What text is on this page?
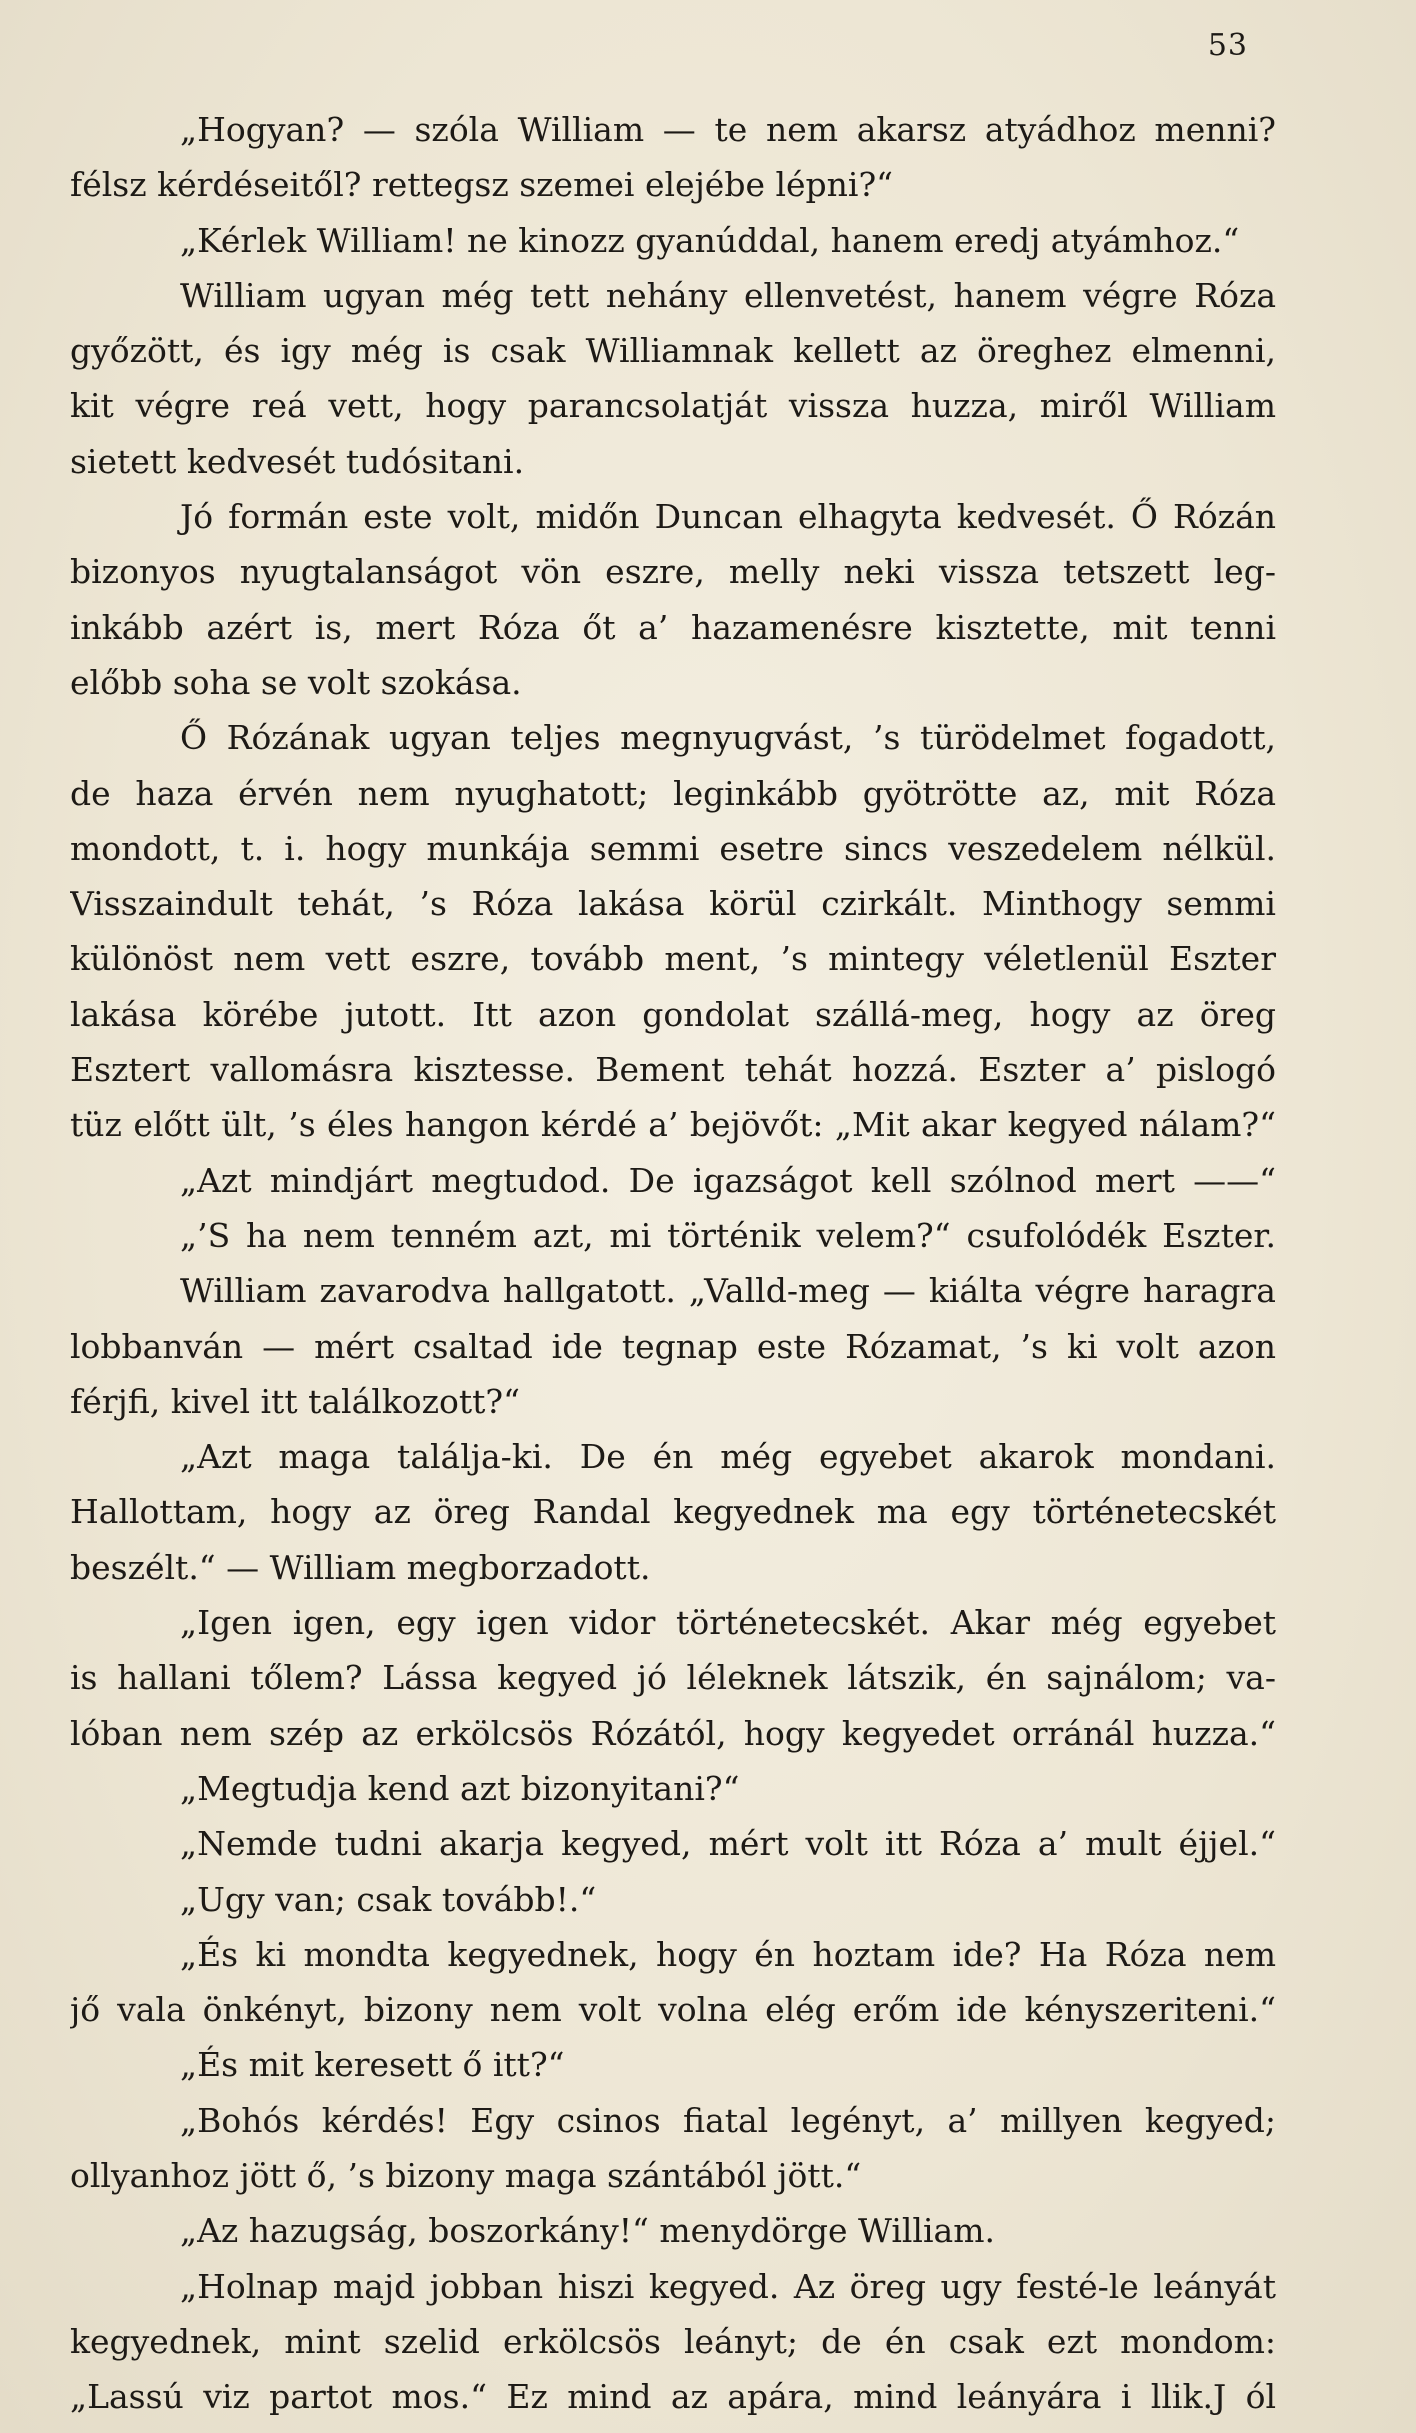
53
„Hogyan? — szóla William — te nem akarsz atyádhoz menni?
félsz kérdéseitől? rettegsz szemei elejébe lépni?“
„Kérlek William! ne kinozz gyanúddal, hanem eredj atyámhoz.“
William ugyan még tett nehány ellenvetést, hanem végre Róza
győzött, és igy még is csak Williamnak kellett az öreghez elmenni,
kit végre reá vett, hogy parancsolatját vissza huzza, miről William
sietett kedvesét tudósitani.
Jó formán este volt, midőn Duncan elhagyta kedvesét. Ő Rózán
bizonyos nyugtalanságot vön eszre, melly neki vissza tetszett leg-
inkább azért is, mert Róza őt a’ hazamenésre kisztette, mit tenni
előbb soha se volt szokása.
Ő Rózának ugyan teljes megnyugvást, ’s türödelmet fogadott,
de haza érvén nem nyughatott; leginkább gyötrötte az, mit Róza
mondott, t. i. hogy munkája semmi esetre sincs veszedelem nélkül.
Visszaindult tehát, ’s Róza lakása körül czirkált. Minthogy semmi
különöst nem vett eszre, tovább ment, ’s mintegy véletlenül Eszter
lakása körébe jutott. Itt azon gondolat szállá-meg, hogy az öreg
Esztert vallomásra kisztesse. Bement tehát hozzá. Eszter a’ pislogó
tüz előtt ült, ’s éles hangon kérdé a’ bejövőt: „Mit akar kegyed nálam?“
„Azt mindjárt megtudod. De igazságot kell szólnod mert ——“
„’S ha nem tenném azt, mi történik velem?“ csufolódék Eszter.
William zavarodva hallgatott. „Valld-meg — kiálta végre haragra
lobbanván — mért csaltad ide tegnap este Rózamat, ’s ki volt azon
férjfi, kivel itt találkozott?“
„Azt maga találja-ki. De én még egyebet akarok mondani.
Hallottam, hogy az öreg Randal kegyednek ma egy történetecskét
beszélt.“ — William megborzadott.
„Igen igen, egy igen vidor történetecskét. Akar még egyebet
is hallani tőlem? Lássa kegyed jó léleknek látszik, én sajnálom; va-
lóban nem szép az erkölcsös Rózától, hogy kegyedet orránál huzza.“
„Megtudja kend azt bizonyitani?“
„Nemde tudni akarja kegyed, mért volt itt Róza a’ mult éjjel.“
„Ugy van; csak tovább!.“
„És ki mondta kegyednek, hogy én hoztam ide? Ha Róza nem
jő vala önkényt, bizony nem volt volna elég erőm ide kényszeriteni.“
„És mit keresett ő itt?“
„Bohós kérdés! Egy csinos fiatal legényt, a’ millyen kegyed;
ollyanhoz jött ő, ’s bizony maga szántából jött.“
„Az hazugság, boszorkány!“ menydörge William.
„Holnap majd jobban hiszi kegyed. Az öreg ugy festé-le leányát
kegyednek, mint szelid erkölcsös leányt; de én csak ezt mondom:
„Lassú viz partot mos.“ Ez mind az apára, mind leányára i llik.J ól
